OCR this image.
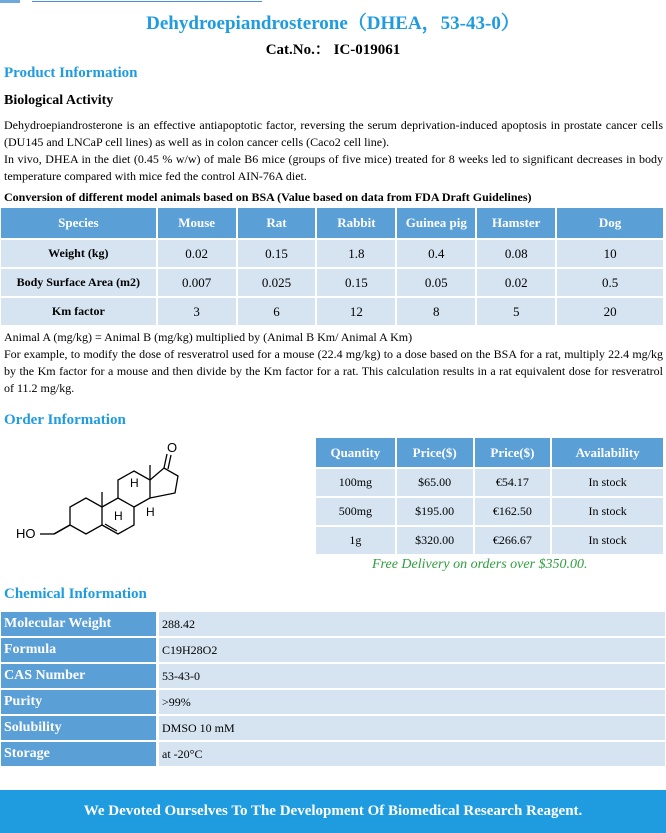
Dehydroepiandrosterone（DHEA，53-43-0）
Cat.No.： IC-019061
Product Information
Biological Activity

Dehydroepiandrosterone is an effective antiapoptotic factor, reversing the serum deprivation-induced apoptosis in prostate cancer cells (DU145 and LNCaP cell lines) as well as in colon cancer cells (Caco2 cell line).

In vivo, DHEA in the diet (0.45 % w/w) of male B6 mice (groups of five mice) treated for 8 weeks led to significant decreases in body temperature compared with mice fed the control AIN-76A diet.

Conversion of different model animals based on BSA (Value based on data from FDA Draft Guidelines)
Species	Mouse	Rat	Rabbit	Guinea pig	Hamster	Dog
Weight (kg)	0.02	0.15	1.8	0.4	0.08	10
Body Surface Area (m2)	0.007	0.025	0.15	0.05	0.02	0.5
Km factor	3	6	12	8	5	20

Animal A (mg/kg) = Animal B (mg/kg) multiplied by (Animal B Km/ Animal A Km)

For example, to modify the dose of resveratrol used for a mouse (22.4 mg/kg) to a dose based on the BSA for a rat, multiply 22.4 mg/kg by the Km factor for a mouse and then divide by the Km factor for a rat. This calculation results in a rat equivalent dose for resveratrol of 11.2 mg/kg.

Order Information
HO
O
H
H H
Quantity	Price($)	Price($)	Availability
100mg	$65.00	€54.17	In stock
500mg	$195.00	€162.50	In stock
1g	$320.00	€266.67	In stock
Free Delivery on orders over $350.00.
Chemical Information
Molecular Weight	288.42
Formula	C19H28O2
CAS Number	53-43-0
Purity	>99%
Solubility	DMSO 10 mM
Storage	at -20°C
We Devoted Ourselves To The Development Of Biomedical Research Reagent.
